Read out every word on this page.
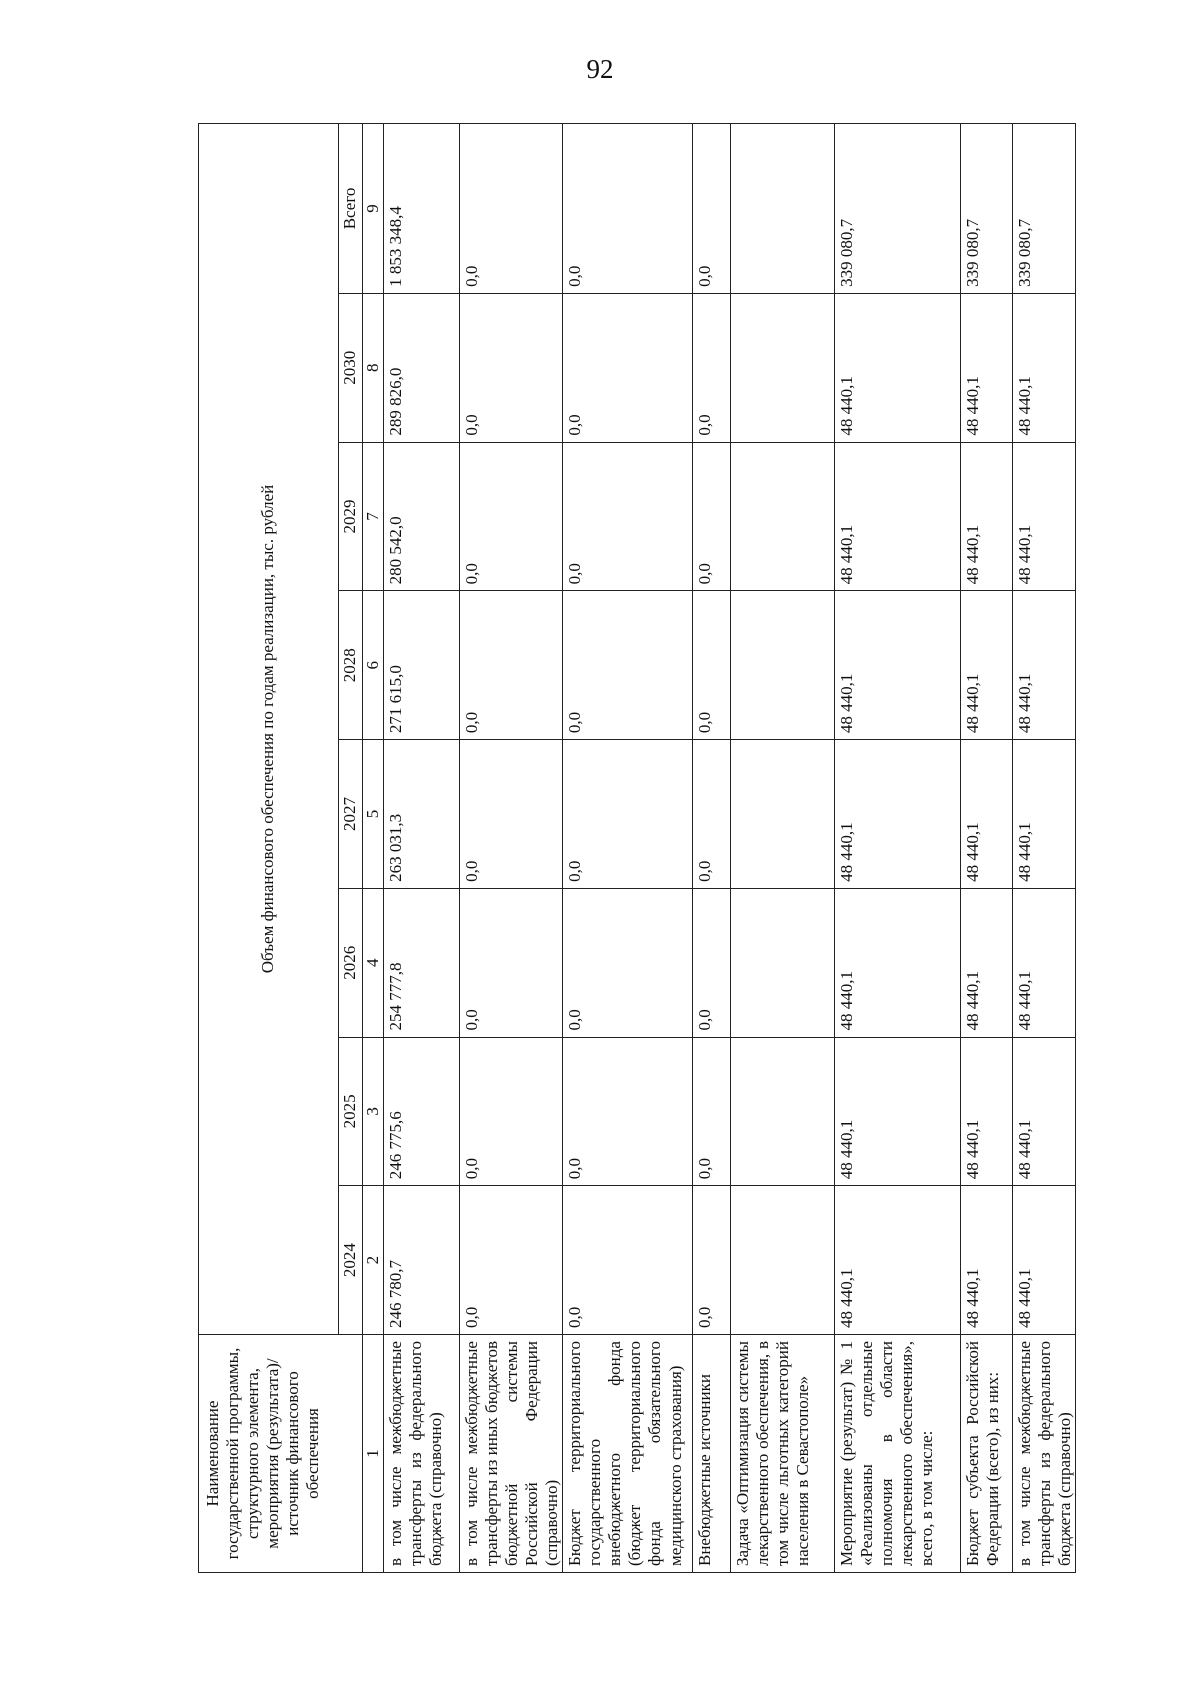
92
Наименование государственной программы, структурного элемента, мероприятия (результата)/источник финансового обеспечения	Объем финансового обеспечения по годам реализации, тыс. рублей							
	2024	2025	2026	2027	2028	2029	2030	Всего
1	2	3	4	5	6	7	8	9
в том числе межбюджетные трансферты из федерального бюджета (справочно)	246 780,7	246 775,6	254 777,8	263 031,3	271 615,0	280 542,0	289 826,0	1 853 348,4
в том числе межбюджетные трансферты из иных бюджетов бюджетной системы Российской Федерации (справочно)	0,0	0,0	0,0	0,0	0,0	0,0	0,0	0,0
Бюджет территориального государственного внебюджетного фонда (бюджет территориального фонда обязательного медицинского страхования)	0,0	0,0	0,0	0,0	0,0	0,0	0,0	0,0
Внебюджетные источники	0,0	0,0	0,0	0,0	0,0	0,0	0,0	0,0
Задача «Оптимизация системы лекарственного обеспечения, в том числе льготных категорий населения в Севастополе»								
Мероприятие (результат) № 1 «Реализованы отдельные полномочия в области лекарственного обеспечения», всего, в том числе:	48 440,1	48 440,1	48 440,1	48 440,1	48 440,1	48 440,1	48 440,1	339 080,7
Бюджет субъекта Российской Федерации (всего), из них:	48 440,1	48 440,1	48 440,1	48 440,1	48 440,1	48 440,1	48 440,1	339 080,7
в том числе межбюджетные трансферты из федерального бюджета (справочно)	48 440,1	48 440,1	48 440,1	48 440,1	48 440,1	48 440,1	48 440,1	339 080,7
